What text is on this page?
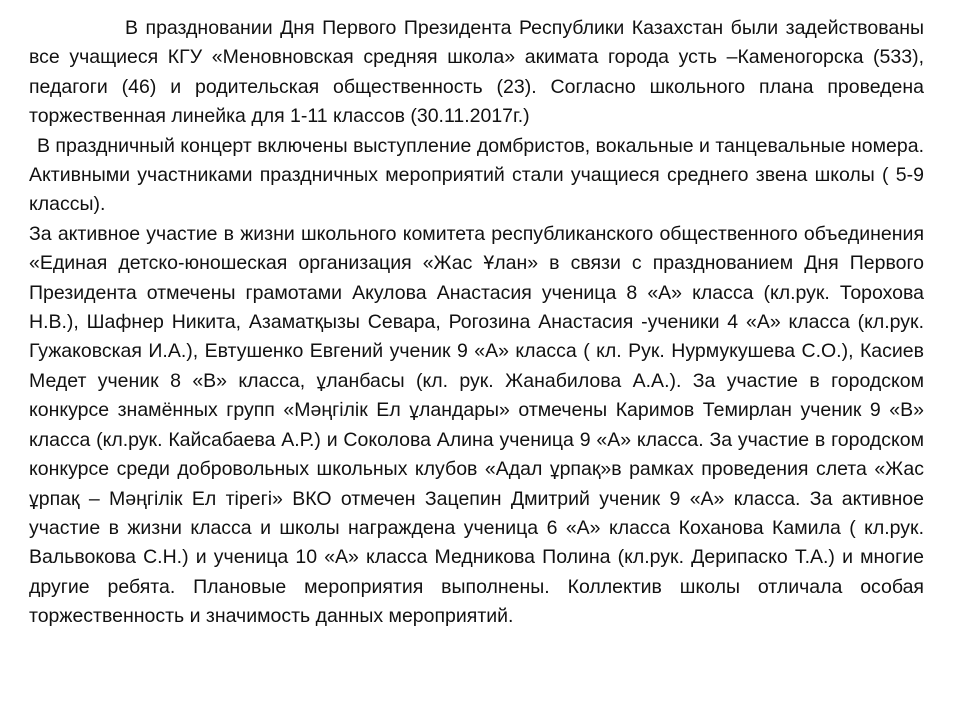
В праздновании Дня Первого Президента Республики Казахстан были задействованы все учащиеся КГУ «Меновновская средняя школа» акимата города усть –Каменогорска (533), педагоги (46) и родительская общественность (23). Согласно школьного плана проведена торжественная линейка для 1-11 классов (30.11.2017г.)

В праздничный концерт включены выступление домбристов, вокальные и танцевальные номера. Активными участниками праздничных мероприятий стали учащиеся среднего звена школы ( 5-9 классы).

За активное участие в жизни школьного комитета республиканского общественного объединения «Единая детско-юношеская организация «Жас Ұлан» в связи с празднованием Дня Первого Президента отмечены грамотами Акулова Анастасия ученица 8 «А» класса (кл.рук. Торохова Н.В.), Шафнер Никита, Азаматқызы Севара, Рогозина Анастасия -ученики 4 «А» класса (кл.рук. Гужаковская И.А.), Евтушенко Евгений ученик 9 «А» класса ( кл. Рук. Нурмукушева С.О.), Касиев Медет ученик 8 «В» класса, ұланбасы (кл. рук. Жанабилова А.А.). За участие в городском конкурсе знамённых групп «Мәңгілік Ел ұландары» отмечены Каримов Темирлан ученик 9 «В» класса (кл.рук. Кайсабаева А.Р.) и Соколова Алина ученица 9 «А» класса. За участие в городском конкурсе среди добровольных школьных клубов «Адал ұрпақ»в рамках проведения слета «Жас ұрпақ – Мәңгілік Ел тірегі» ВКО отмечен Зацепин Дмитрий ученик 9 «А» класса. За активное участие в жизни класса и школы награждена ученица 6 «А» класса Коханова Камила ( кл.рук. Вальвокова С.Н.) и ученица 10 «А» класса Медникова Полина (кл.рук. Дерипаско Т.А.) и многие другие ребята. Плановые мероприятия выполнены. Коллектив школы отличала особая торжественность и значимость данных мероприятий.
